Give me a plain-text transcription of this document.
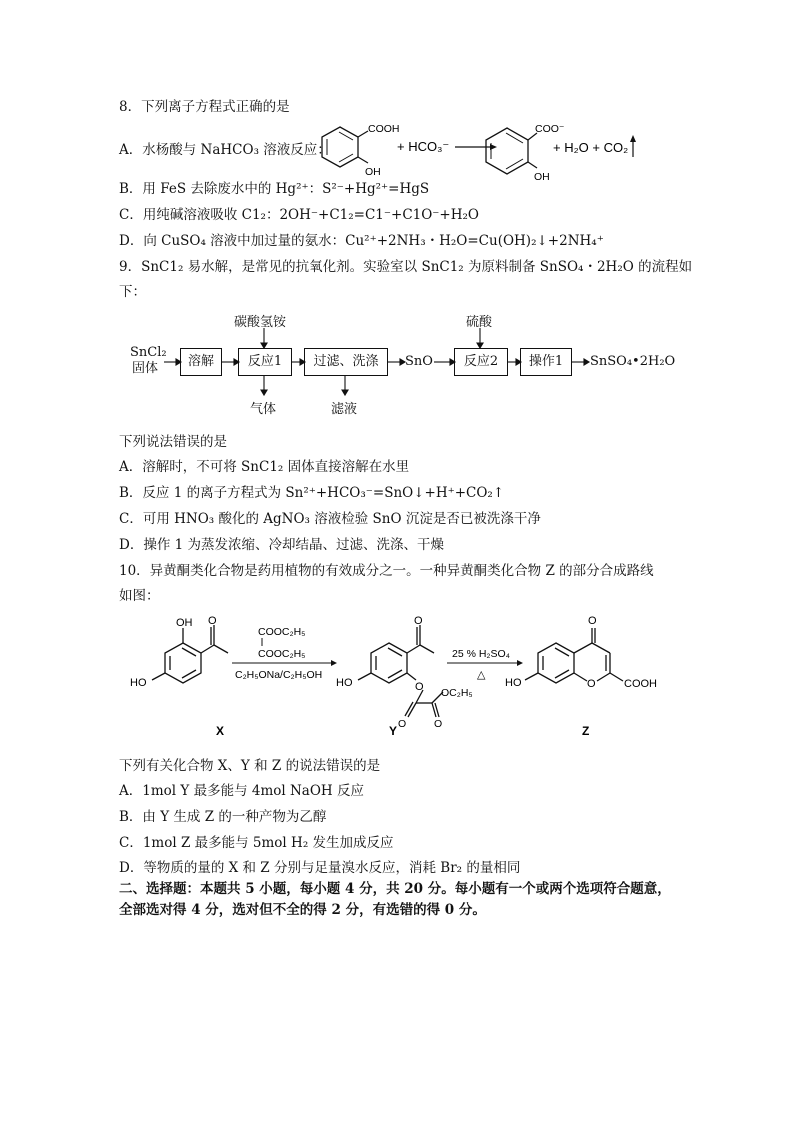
8．下列离子方程式正确的是
A．水杨酸与 NaHCO₃ 溶液反应：
COOH
OH
+ HCO₃⁻
COO⁻
OH
+ H₂O + CO₂
B．用 FeS 去除废水中的 Hg²⁺：S²⁻+Hg²⁺=HgS
C．用纯碱溶液吸收 C1₂：2OH⁻+C1₂=C1⁻+C1O⁻+H₂O
D．向 CuSO₄ 溶液中加过量的氨水：Cu²⁺+2NH₃・H₂O=Cu(OH)₂↓+2NH₄⁺
9．SnC1₂ 易水解，是常见的抗氧化剂。实验室以 SnC1₂ 为原料制备 SnSO₄・2H₂O 的流程如
下：
SnCl₂
固体
碳酸氢铵	硫酸
溶解	反应1	过滤、洗涤	SnO	反应2	操作1	SnSO₄•2H₂O
气体	滤液
下列说法错误的是
A．溶解时，不可将 SnC1₂ 固体直接溶解在水里
B．反应 1 的离子方程式为 Sn²⁺+HCO₃⁻=SnO↓+H⁺+CO₂↑
C．可用 HNO₃ 酸化的 AgNO₃ 溶液检验 SnO 沉淀是否已被洗涤干净
D．操作 1 为蒸发浓缩、冷却结晶、过滤、洗涤、干燥
10．异黄酮类化合物是药用植物的有效成分之一。一种异黄酮类化合物 Z 的部分合成路线
如图：
OH O
HO
X
COOC₂H₅
COOC₂H₅
C₂H₅ONa/C₂H₅OH
O
O
HO
OC₂H₅
O	O
Y
25 % H₂SO₄
△
O
O
HO	COOH
Z
下列有关化合物 X、Y 和 Z 的说法错误的是
A．1mol Y 最多能与 4mol NaOH 反应
B．由 Y 生成 Z 的一种产物为乙醇
C．1mol Z 最多能与 5mol H₂ 发生加成反应
D．等物质的量的 X 和 Z 分别与足量溴水反应，消耗 Br₂ 的量相同
二、选择题：本题共 5 小题，每小题 4 分，共 20 分。每小题有一个或两个选项符合题意，
全部选对得 4 分，选对但不全的得 2 分，有选错的得 0 分。
